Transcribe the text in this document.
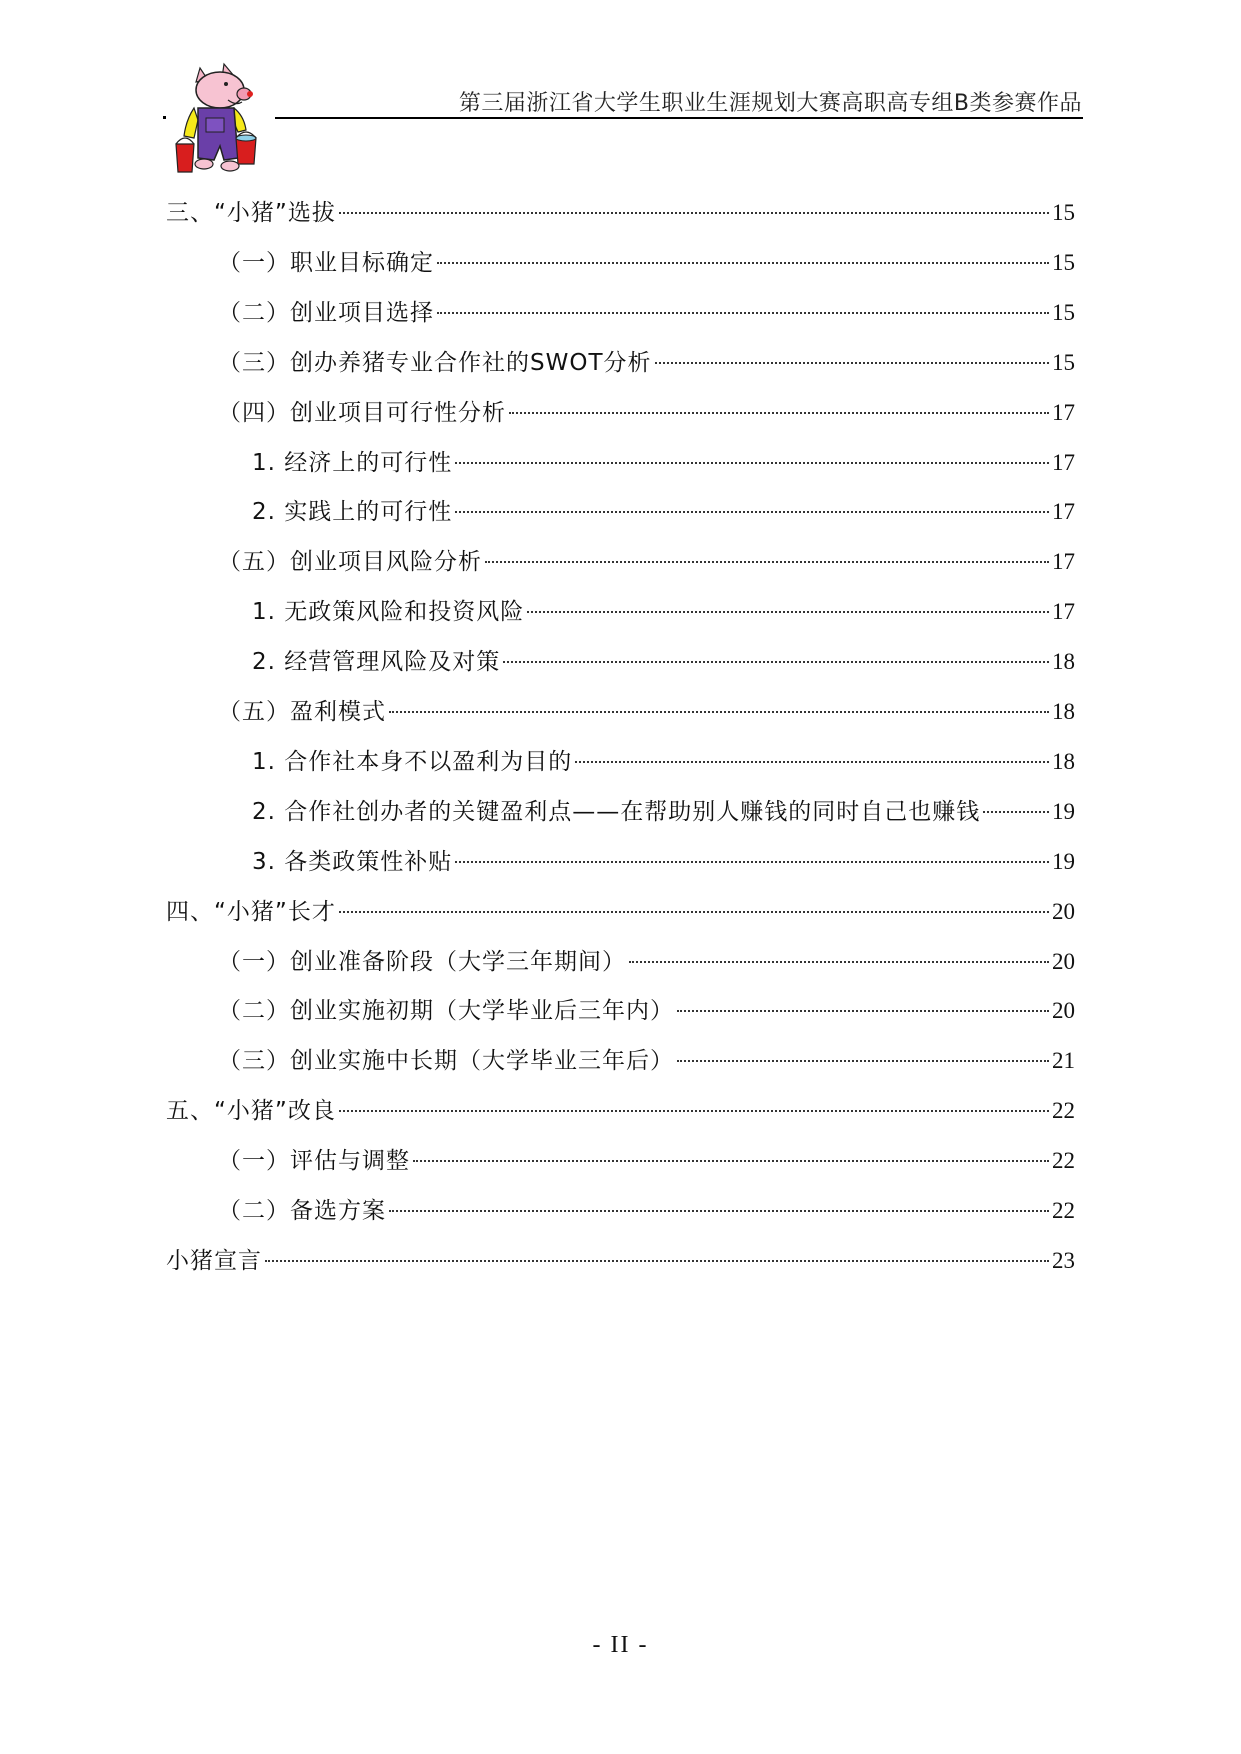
第三届浙江省大学生职业生涯规划大赛高职高专组B类参赛作品
三、“小猪”选拔	15
（一）职业目标确定	15
（二）创业项目选择	15
（三）创办养猪专业合作社的SWOT分析	15
（四）创业项目可行性分析	17
1. 经济上的可行性	17
2. 实践上的可行性	17
（五）创业项目风险分析	17
1. 无政策风险和投资风险	17
2. 经营管理风险及对策	18
（五）盈利模式	18
1. 合作社本身不以盈利为目的	18
2. 合作社创办者的关键盈利点——在帮助别人赚钱的同时自己也赚钱	19
3. 各类政策性补贴	19
四、“小猪”长才	20
（一）创业准备阶段（大学三年期间）	20
（二）创业实施初期（大学毕业后三年内）	20
（三）创业实施中长期（大学毕业三年后）	21
五、“小猪”改良	22
（一）评估与调整	22
（二）备选方案	22
小猪宣言	23
- II -
